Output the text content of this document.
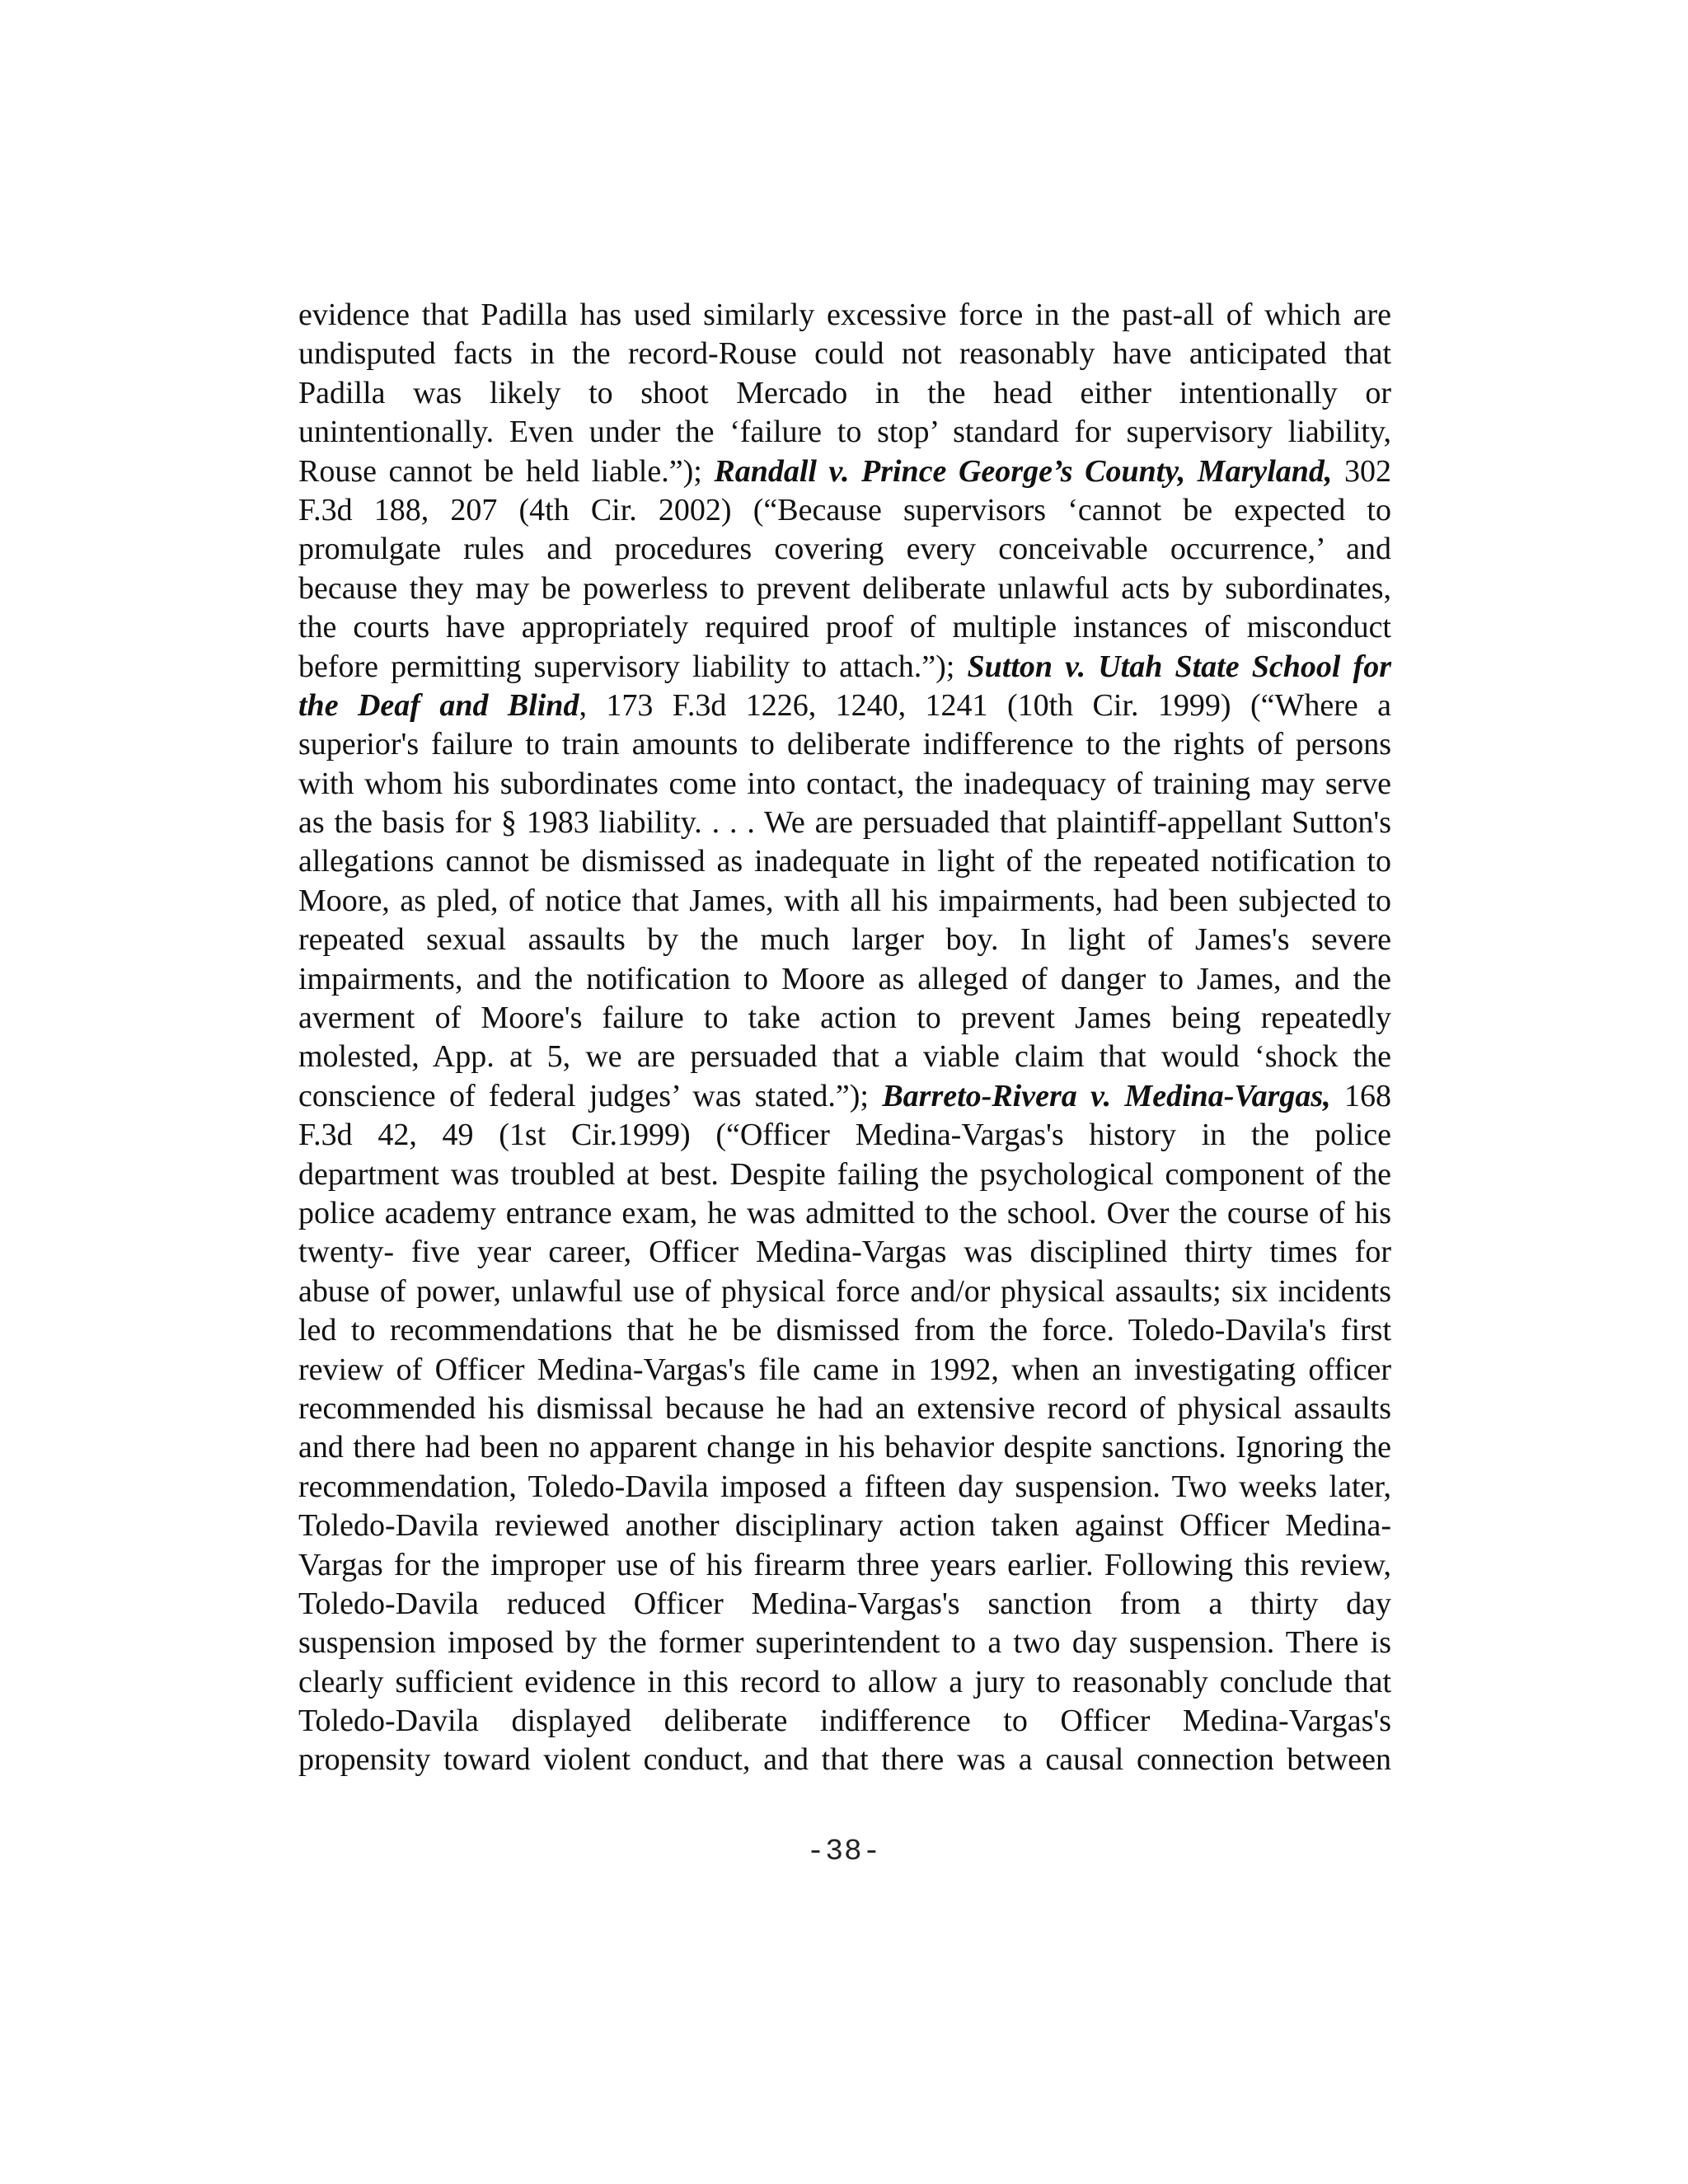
evidence that Padilla has used similarly excessive force in the past-all of which are
undisputed facts in the record-Rouse could not reasonably have anticipated that
Padilla was likely to shoot Mercado in the head either intentionally or
unintentionally. Even under the ‘failure to stop’ standard for supervisory liability,
Rouse cannot be held liable.”); Randall v. Prince George’s County, Maryland, 302
F.3d 188, 207 (4th Cir. 2002) (“Because supervisors ‘cannot be expected to
promulgate rules and procedures covering every conceivable occurrence,’ and
because they may be powerless to prevent deliberate unlawful acts by subordinates,
the courts have appropriately required proof of multiple instances of misconduct
before permitting supervisory liability to attach.”); Sutton v. Utah State School for
the Deaf and Blind, 173 F.3d 1226, 1240, 1241 (10th Cir. 1999) (“Where a
superior's failure to train amounts to deliberate indifference to the rights of persons
with whom his subordinates come into contact, the inadequacy of training may serve
as the basis for § 1983 liability. . . . We are persuaded that plaintiff-appellant Sutton's
allegations cannot be dismissed as inadequate in light of the repeated notification to
Moore, as pled, of notice that James, with all his impairments, had been subjected to
repeated sexual assaults by the much larger boy. In light of James's severe
impairments, and the notification to Moore as alleged of danger to James, and the
averment of Moore's failure to take action to prevent James being repeatedly
molested, App. at 5, we are persuaded that a viable claim that would ‘shock the
conscience of federal judges’ was stated.”); Barreto-Rivera v. Medina-Vargas, 168
F.3d 42, 49 (1st Cir.1999) (“Officer Medina-Vargas's history in the police
department was troubled at best. Despite failing the psychological component of the
police academy entrance exam, he was admitted to the school. Over the course of his
twenty- five year career, Officer Medina-Vargas was disciplined thirty times for
abuse of power, unlawful use of physical force and/or physical assaults; six incidents
led to recommendations that he be dismissed from the force. Toledo-Davila's first
review of Officer Medina-Vargas's file came in 1992, when an investigating officer
recommended his dismissal because he had an extensive record of physical assaults
and there had been no apparent change in his behavior despite sanctions. Ignoring the
recommendation, Toledo-Davila imposed a fifteen day suspension. Two weeks later,
Toledo-Davila reviewed another disciplinary action taken against Officer Medina-
Vargas for the improper use of his firearm three years earlier. Following this review,
Toledo-Davila reduced Officer Medina-Vargas's sanction from a thirty day
suspension imposed by the former superintendent to a two day suspension. There is
clearly sufficient evidence in this record to allow a jury to reasonably conclude that
Toledo-Davila displayed deliberate indifference to Officer Medina-Vargas's
propensity toward violent conduct, and that there was a causal connection between
-38-
